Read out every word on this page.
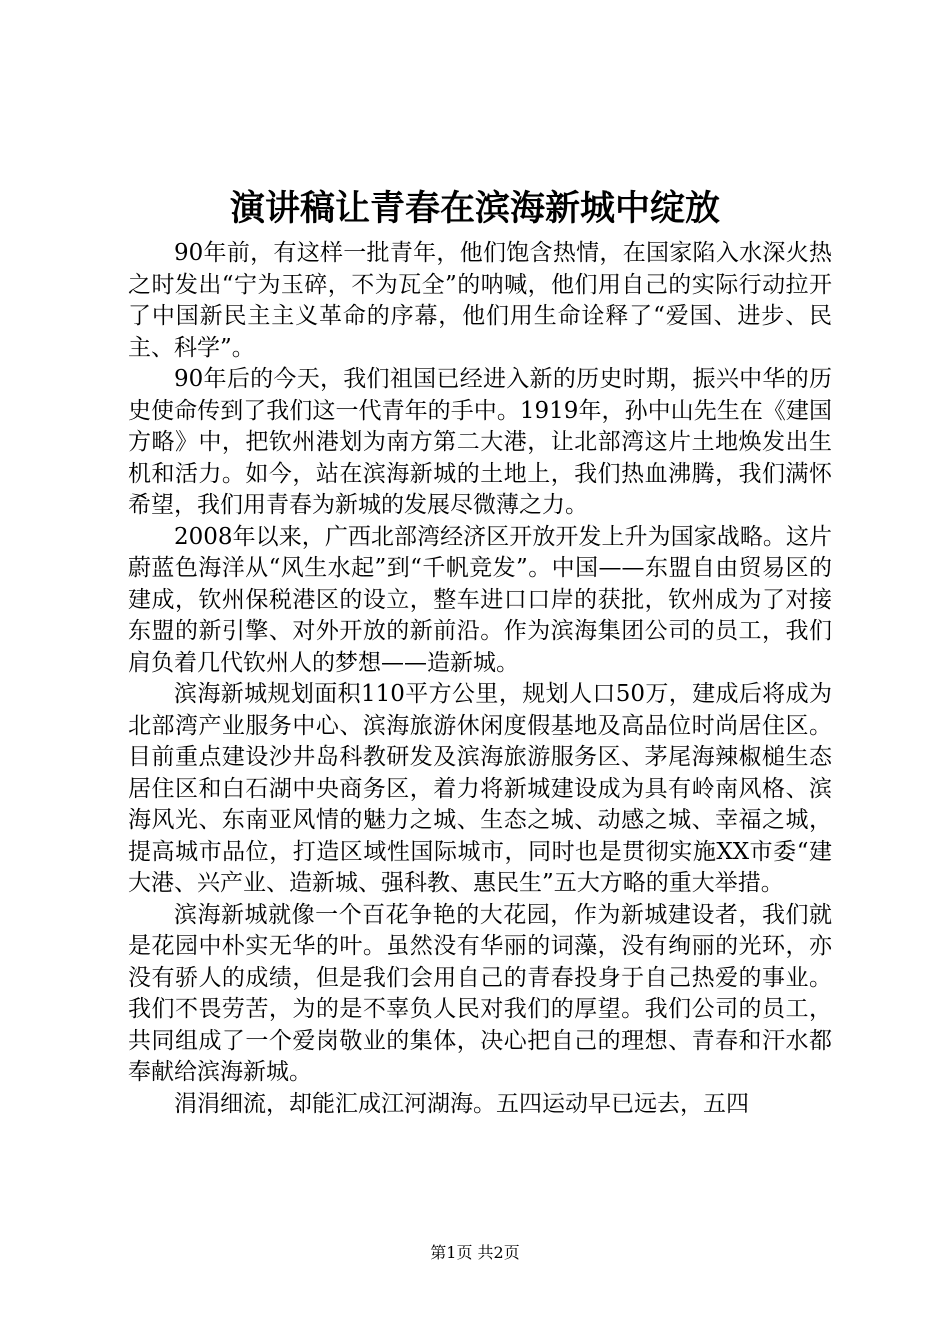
演讲稿让青春在滨海新城中绽放

90年前，有这样一批青年，他们饱含热情，在国家陷入水深火热之时发出“宁为玉碎，不为瓦全”的呐喊，他们用自己的实际行动拉开了中国新民主主义革命的序幕，他们用生命诠释了“爱国、进步、民主、科学”。

90年后的今天，我们祖国已经进入新的历史时期，振兴中华的历史使命传到了我们这一代青年的手中。1919年，孙中山先生在《建国方略》中，把钦州港划为南方第二大港，让北部湾这片土地焕发出生机和活力。如今，站在滨海新城的土地上，我们热血沸腾，我们满怀希望，我们用青春为新城的发展尽微薄之力。

2008年以来，广西北部湾经济区开放开发上升为国家战略。这片蔚蓝色海洋从“风生水起”到“千帆竞发”。中国——东盟自由贸易区的建成，钦州保税港区的设立，整车进口口岸的获批，钦州成为了对接东盟的新引擎、对外开放的新前沿。作为滨海集团公司的员工，我们肩负着几代钦州人的梦想——造新城。

滨海新城规划面积110平方公里，规划人口50万，建成后将成为北部湾产业服务中心、滨海旅游休闲度假基地及高品位时尚居住区。目前重点建设沙井岛科教研发及滨海旅游服务区、茅尾海辣椒槌生态居住区和白石湖中央商务区，着力将新城建设成为具有岭南风格、滨海风光、东南亚风情的魅力之城、生态之城、动感之城、幸福之城，提高城市品位，打造区域性国际城市，同时也是贯彻实施XX市委“建大港、兴产业、造新城、强科教、惠民生”五大方略的重大举措。

滨海新城就像一个百花争艳的大花园，作为新城建设者，我们就是花园中朴实无华的叶。虽然没有华丽的词藻，没有绚丽的光环，亦没有骄人的成绩，但是我们会用自己的青春投身于自己热爱的事业。我们不畏劳苦，为的是不辜负人民对我们的厚望。我们公司的员工，共同组成了一个爱岗敬业的集体，决心把自己的理想、青春和汗水都奉献给滨海新城。

涓涓细流，却能汇成江河湖海。五四运动早已远去，五四

第1页 共2页
